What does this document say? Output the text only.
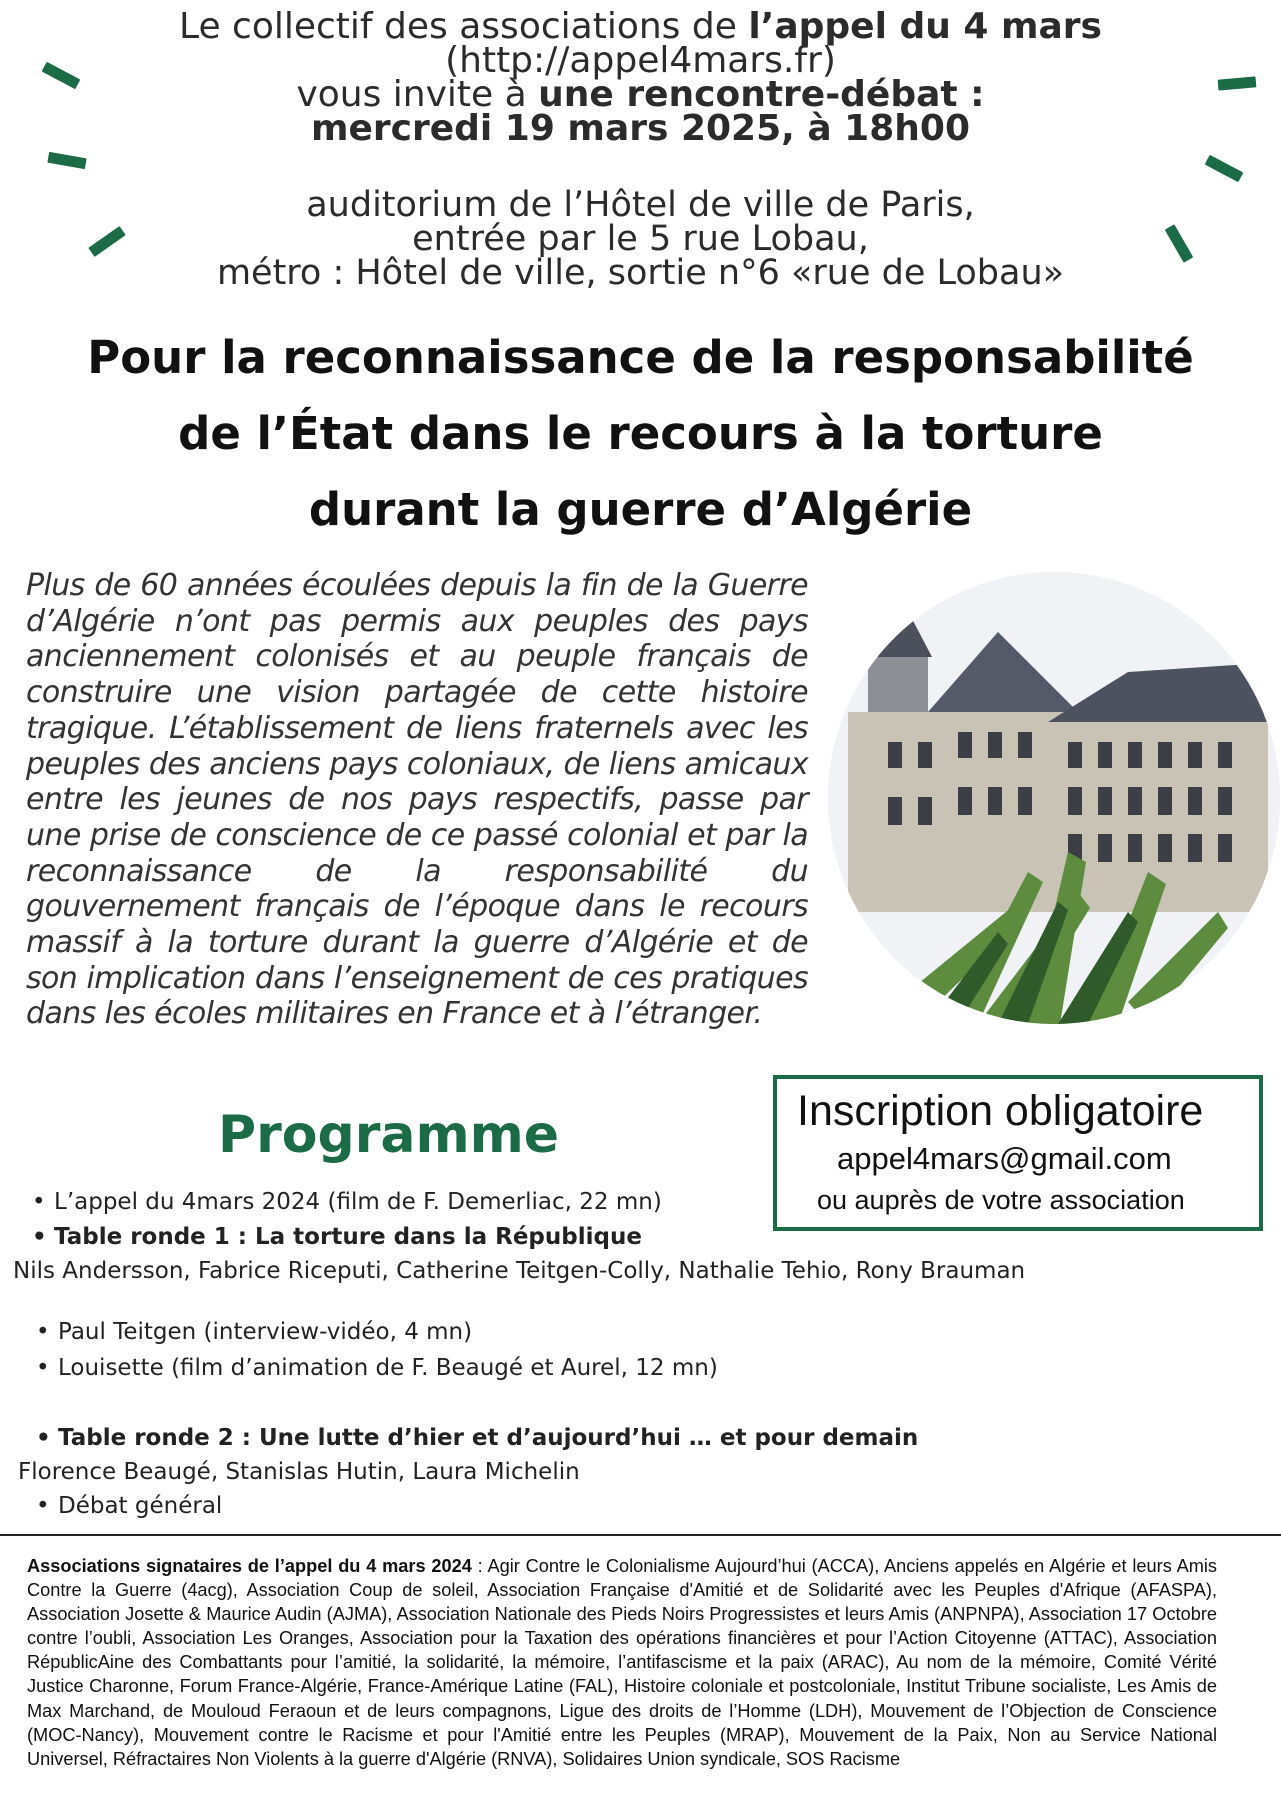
Le collectif des associations de l’appel du 4 mars
(http://appel4mars.fr)
vous invite à une rencontre-débat :
mercredi 19 mars 2025, à 18h00
auditorium de l’Hôtel de ville de Paris,
entrée par le 5 rue Lobau,
métro : Hôtel de ville, sortie n°6 «rue de Lobau»
Pour la reconnaissance de la responsabilité
de l’État dans le recours à la torture
durant la guerre d’Algérie
Plus de 60 années écoulées depuis la fin de la Guerre d’Algérie n’ont pas permis aux peuples des pays anciennement colonisés et au peuple français de construire une vision partagée de cette histoire tragique. L’établissement de liens fraternels avec les peuples des anciens pays coloniaux, de liens amicaux entre les jeunes de nos pays respectifs, passe par une prise de conscience de ce passé colonial et par la reconnaissance de la responsabilité du gouvernement français de l’époque dans le recours massif à la torture durant la guerre d’Algérie et de son implication dans l’enseignement de ces pratiques dans les écoles militaires en France et à l’étranger.
Inscription obligatoire
appel4mars@gmail.com
ou auprès de votre association
Programme
• L’appel du 4mars 2024 (film de F. Demerliac, 22 mn)
• Table ronde 1 : La torture dans la République
Nils Andersson, Fabrice Riceputi, Catherine Teitgen-Colly, Nathalie Tehio, Rony Brauman
• Paul Teitgen (interview-vidéo, 4 mn)
• Louisette (film d’animation de F. Beaugé et Aurel, 12 mn)
• Table ronde 2 : Une lutte d’hier et d’aujourd’hui … et pour demain
Florence Beaugé, Stanislas Hutin, Laura Michelin
• Débat général
Associations signataires de l’appel du 4 mars 2024 : Agir Contre le Colonialisme Aujourd’hui (ACCA), Anciens appelés en Algérie et leurs Amis Contre la Guerre (4acg), Association Coup de soleil, Association Française d'Amitié et de Solidarité avec les Peuples d'Afrique (AFASPA), Association Josette & Maurice Audin (AJMA), Association Nationale des Pieds Noirs Progressistes et leurs Amis (ANPNPA), Association 17 Octobre contre l’oubli, Association Les Oranges, Association pour la Taxation des opérations financières et pour l’Action Citoyenne (ATTAC), Association RépublicAine des Combattants pour l’amitié, la solidarité, la mémoire, l’antifascisme et la paix (ARAC), Au nom de la mémoire, Comité Vérité Justice Charonne, Forum France-Algérie, France-Amérique Latine (FAL), Histoire coloniale et postcoloniale, Institut Tribune socialiste, Les Amis de Max Marchand, de Mouloud Feraoun et de leurs compagnons, Ligue des droits de l’Homme (LDH), Mouvement de l’Objection de Conscience (MOC-Nancy), Mouvement contre le Racisme et pour l'Amitié entre les Peuples (MRAP), Mouvement de la Paix, Non au Service National Universel, Réfractaires Non Violents à la guerre d'Algérie (RNVA), Solidaires Union syndicale, SOS Racisme
